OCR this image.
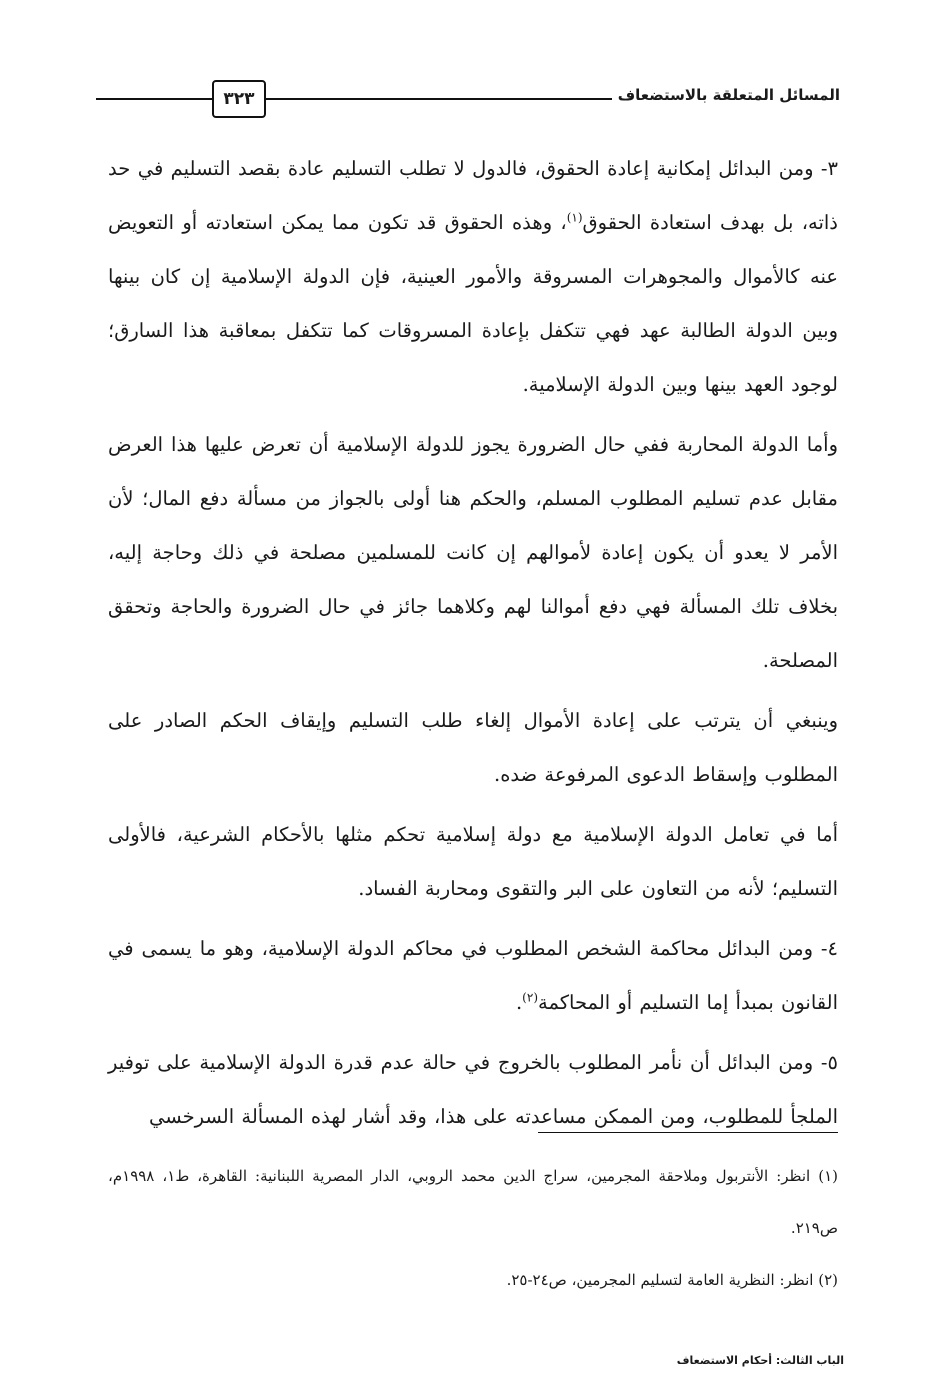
المسائل المتعلقة بالاستضعاف
٣٢٣

٣- ومن البدائل إمكانية إعادة الحقوق، فالدول لا تطلب التسليم عادة بقصد التسليم في حد ذاته، بل بهدف استعادة الحقوق$^{(١)}$، وهذه الحقوق قد تكون مما يمكن استعادته أو التعويض عنه كالأموال والمجوهرات المسروقة والأمور العينية، فإن الدولة الإسلامية إن كان بينها وبين الدولة الطالبة عهد فهي تتكفل بإعادة المسروقات كما تتكفل بمعاقبة هذا السارق؛ لوجود العهد بينها وبين الدولة الإسلامية.

وأما الدولة المحاربة ففي حال الضرورة يجوز للدولة الإسلامية أن تعرض عليها هذا العرض مقابل عدم تسليم المطلوب المسلم، والحكم هنا أولى بالجواز من مسألة دفع المال؛ لأن الأمر لا يعدو أن يكون إعادة لأموالهم إن كانت للمسلمين مصلحة في ذلك وحاجة إليه، بخلاف تلك المسألة فهي دفع أموالنا لهم وكلاهما جائز في حال الضرورة والحاجة وتحقق المصلحة.

وينبغي أن يترتب على إعادة الأموال إلغاء طلب التسليم وإيقاف الحكم الصادر على المطلوب وإسقاط الدعوى المرفوعة ضده.

أما في تعامل الدولة الإسلامية مع دولة إسلامية تحكم مثلها بالأحكام الشرعية، فالأولى التسليم؛ لأنه من التعاون على البر والتقوى ومحاربة الفساد.

٤- ومن البدائل محاكمة الشخص المطلوب في محاكم الدولة الإسلامية، وهو ما يسمى في القانون بمبدأ إما التسليم أو المحاكمة$^{(٢)}$.

٥- ومن البدائل أن نأمر المطلوب بالخروج في حالة عدم قدرة الدولة الإسلامية على توفير الملجأ للمطلوب، ومن الممكن مساعدته على هذا، وقد أشار لهذه المسألة السرخسي

(١) انظر: الأنتربول وملاحقة المجرمين، سراج الدين محمد الروبي، الدار المصرية اللبنانية: القاهرة، ط١، ١٩٩٨م، ص٢١٩.

(٢) انظر: النظرية العامة لتسليم المجرمين، ص٢٤-٢٥.

الباب الثالث: أحكام الاستضعاف
